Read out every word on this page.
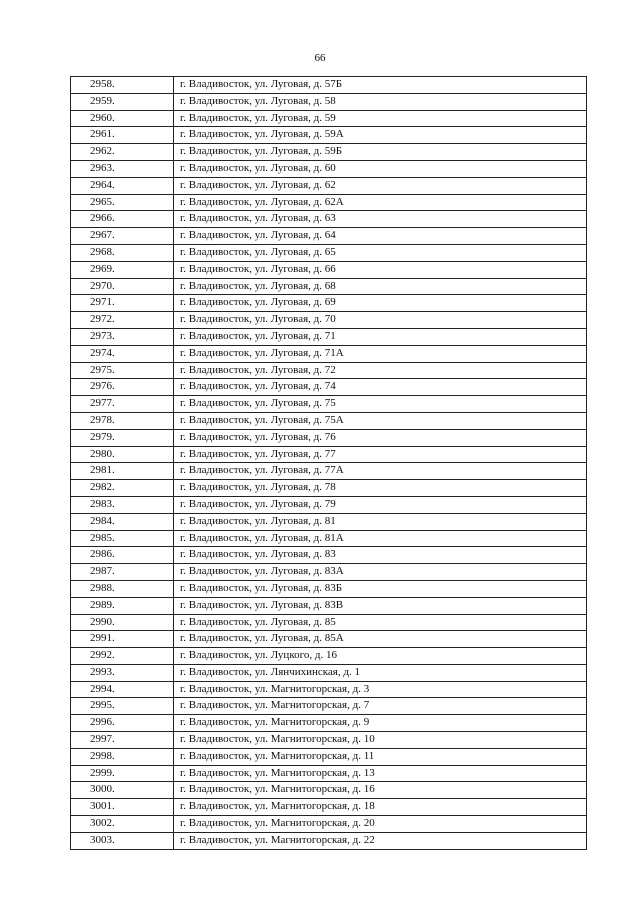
66
2958.	г. Владивосток, ул. Луговая, д. 57Б
2959.	г. Владивосток, ул. Луговая, д. 58
2960.	г. Владивосток, ул. Луговая, д. 59
2961.	г. Владивосток, ул. Луговая, д. 59А
2962.	г. Владивосток, ул. Луговая, д. 59Б
2963.	г. Владивосток, ул. Луговая, д. 60
2964.	г. Владивосток, ул. Луговая, д. 62
2965.	г. Владивосток, ул. Луговая, д. 62А
2966.	г. Владивосток, ул. Луговая, д. 63
2967.	г. Владивосток, ул. Луговая, д. 64
2968.	г. Владивосток, ул. Луговая, д. 65
2969.	г. Владивосток, ул. Луговая, д. 66
2970.	г. Владивосток, ул. Луговая, д. 68
2971.	г. Владивосток, ул. Луговая, д. 69
2972.	г. Владивосток, ул. Луговая, д. 70
2973.	г. Владивосток, ул. Луговая, д. 71
2974.	г. Владивосток, ул. Луговая, д. 71А
2975.	г. Владивосток, ул. Луговая, д. 72
2976.	г. Владивосток, ул. Луговая, д. 74
2977.	г. Владивосток, ул. Луговая, д. 75
2978.	г. Владивосток, ул. Луговая, д. 75А
2979.	г. Владивосток, ул. Луговая, д. 76
2980.	г. Владивосток, ул. Луговая, д. 77
2981.	г. Владивосток, ул. Луговая, д. 77А
2982.	г. Владивосток, ул. Луговая, д. 78
2983.	г. Владивосток, ул. Луговая, д. 79
2984.	г. Владивосток, ул. Луговая, д. 81
2985.	г. Владивосток, ул. Луговая, д. 81А
2986.	г. Владивосток, ул. Луговая, д. 83
2987.	г. Владивосток, ул. Луговая, д. 83А
2988.	г. Владивосток, ул. Луговая, д. 83Б
2989.	г. Владивосток, ул. Луговая, д. 83В
2990.	г. Владивосток, ул. Луговая, д. 85
2991.	г. Владивосток, ул. Луговая, д. 85А
2992.	г. Владивосток, ул. Луцкого, д. 16
2993.	г. Владивосток, ул. Лянчихинская, д. 1
2994.	г. Владивосток, ул. Магнитогорская, д. 3
2995.	г. Владивосток, ул. Магнитогорская, д. 7
2996.	г. Владивосток, ул. Магнитогорская, д. 9
2997.	г. Владивосток, ул. Магнитогорская, д. 10
2998.	г. Владивосток, ул. Магнитогорская, д. 11
2999.	г. Владивосток, ул. Магнитогорская, д. 13
3000.	г. Владивосток, ул. Магнитогорская, д. 16
3001.	г. Владивосток, ул. Магнитогорская, д. 18
3002.	г. Владивосток, ул. Магнитогорская, д. 20
3003.	г. Владивосток, ул. Магнитогорская, д. 22
